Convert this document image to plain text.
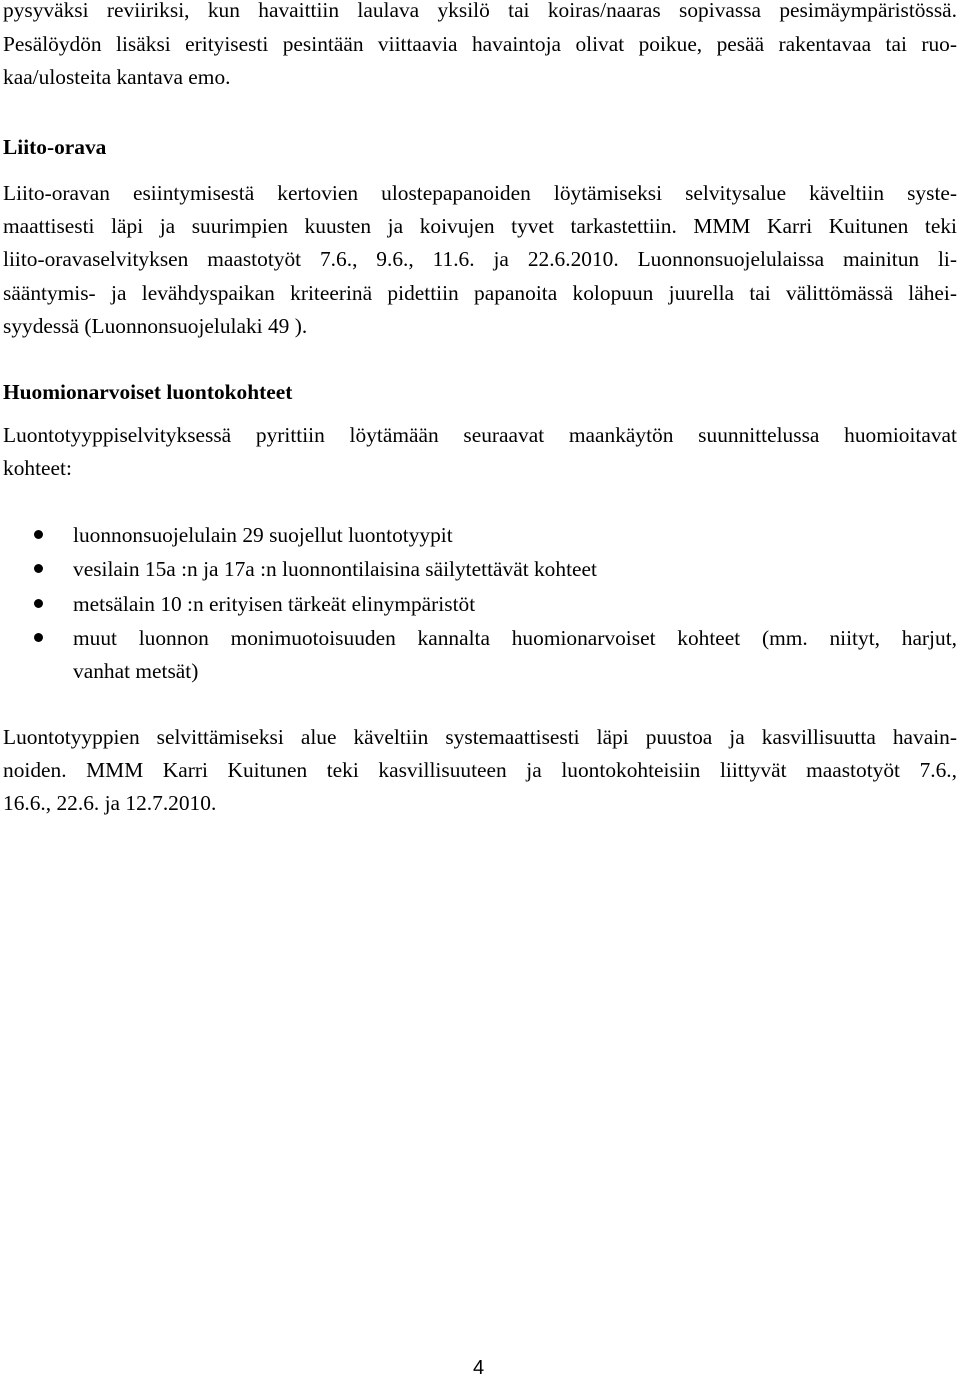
pysyväksi reviiriksi, kun havaittiin laulava yksilö tai koiras/naaras sopivassa pesimäympäristössä.
Pesälöydön lisäksi erityisesti pesintään viittaavia havaintoja olivat poikue, pesää rakentavaa tai ruo-
kaa/ulosteita kantava emo.
Liito-orava
Liito-oravan esiintymisestä kertovien ulostepapanoiden löytämiseksi selvitysalue käveltiin syste-
maattisesti läpi ja suurimpien kuusten ja koivujen tyvet tarkastettiin. MMM Karri Kuitunen teki
liito-oravaselvityksen maastotyöt 7.6., 9.6., 11.6. ja 22.6.2010. Luonnonsuojelulaissa mainitun li-
sääntymis- ja levähdyspaikan kriteerinä pidettiin papanoita kolopuun juurella tai välittömässä lähei-
syydessä (Luonnonsuojelulaki 49 ).
Huomionarvoiset luontokohteet
Luontotyyppiselvityksessä pyrittiin löytämään seuraavat maankäytön suunnittelussa huomioitavat
kohteet:
luonnonsuojelulain 29 suojellut luontotyypit
vesilain 15a :n ja 17a :n luonnontilaisina säilytettävät kohteet
metsälain 10 :n erityisen tärkeät elinympäristöt
muut luonnon monimuotoisuuden kannalta huomionarvoiset kohteet (mm. niityt, harjut,
vanhat metsät)
Luontotyyppien selvittämiseksi alue käveltiin systemaattisesti läpi puustoa ja kasvillisuutta havain-
noiden. MMM Karri Kuitunen teki kasvillisuuteen ja luontokohteisiin liittyvät maastotyöt 7.6.,
16.6., 22.6. ja 12.7.2010.
4
